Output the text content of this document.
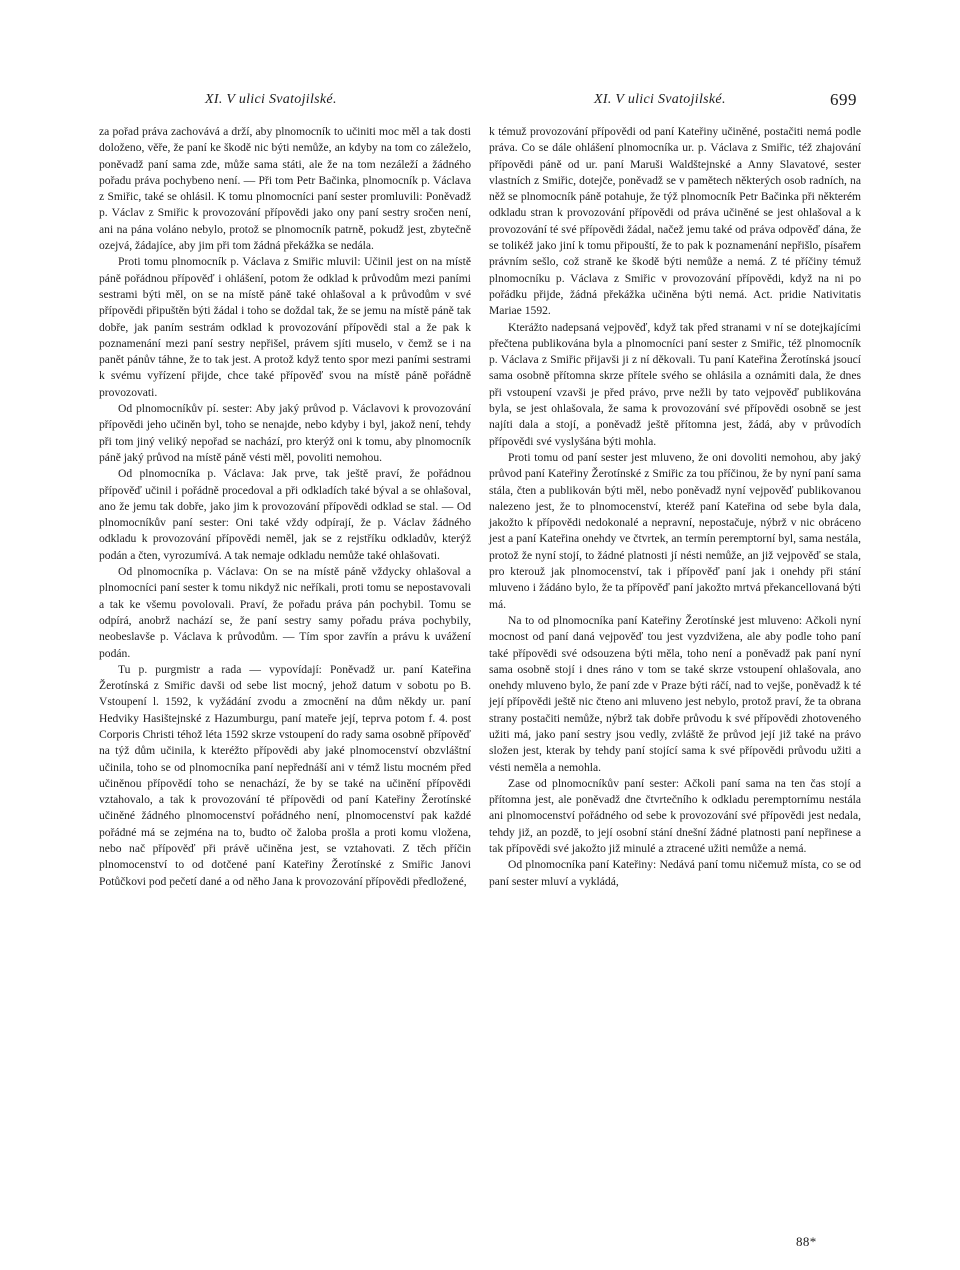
XI. V ulici Svatojilské.	XI. V ulici Svatojilské.	699

za pořad práva zachovává a drží, aby plnomocník to učiniti moc měl a tak dosti doloženo, věře, že paní ke škodě nic býti nemůže, an kdyby na tom co záleželo, poněvadž paní sama zde, může sama státi, ale že na tom nezáleží a žádného pořadu práva pochybeno není. — Při tom Petr Bačinka, plnomocník p. Václava z Smiřic, také se ohlásil. K tomu plnomocníci paní sester promluvili: Poněvadž p. Václav z Smiřic k provozování přípovědi jako ony paní sestry sročen není, ani na pána voláno nebylo, protož se plnomocník patrně, pokudž jest, zbytečně ozejvá, žádajíce, aby jim při tom žádná překážka se nedála.

Proti tomu plnomocník p. Václava z Smiřic mluvil: Učinil jest on na místě páně pořádnou přípověď i ohlášení, potom že odklad k průvodům mezi paními sestrami býti měl, on se na místě páně také ohlašoval a k průvodům v své přípovědi připuštěn býti žádal i toho se doždal tak, že se jemu na místě páně tak dobře, jak paním sestrám odklad k provozování přípovědi stal a že pak k poznamenání mezi paní sestry nepřišel, právem sjíti muselo, v čemž se i na panět pánův táhne, že to tak jest. A protož když tento spor mezi paními sestrami k svému vyřízení přijde, chce také přípověď svou na místě páně pořádně provozovati.

Od plnomocníkův pí. sester: Aby jaký průvod p. Václavovi k provozování přípovědi jeho učiněn byl, toho se nenajde, nebo kdyby i byl, jakož není, tehdy při tom jiný veliký nepořad se nachází, pro kterýž oni k tomu, aby plnomocník páně jaký průvod na místě páně vésti měl, povoliti nemohou.

Od plnomocníka p. Václava: Jak prve, tak ještě praví, že pořádnou přípověď učinil i pořádně procedoval a při odkladích také býval a se ohlašoval, ano že jemu tak dobře, jako jim k provozování přípovědi odklad se stal. — Od plnomocníkův paní sester: Oni také vždy odpírají, že p. Václav žádného odkladu k provozování přípovědi neměl, jak se z rejstříku odkladův, kterýž podán a čten, vyrozumívá. A tak nemaje odkladu nemůže také ohlašovati.

Od plnomocníka p. Václava: On se na místě páně vždycky ohlašoval a plnomocníci paní sester k tomu nikdyž nic neříkali, proti tomu se nepostavovali a tak ke všemu povolovali. Praví, že pořadu práva pán pochybil. Tomu se odpírá, anobrž nachází se, že paní sestry samy pořadu práva pochybily, neobeslavše p. Václava k průvodům. — Tím spor zavřín a právu k uvážení podán.

Tu p. purgmistr a rada — vypovídají: Poněvadž ur. paní Kateřina Žerotínská z Smiřic davši od sebe list mocný, jehož datum v sobotu po B. Vstoupení l. 1592, k vyžádání zvodu a zmocnění na dům někdy ur. paní Hedviky Hasištejnské z Hazumburgu, paní mateře její, teprva potom f. 4. post Corporis Christi téhož léta 1592 skrze vstoupení do rady sama osobně přípověď na týž dům učinila, k kteréžto přípovědi aby jaké plnomocenství obzvláštní učinila, toho se od plnomocníka paní nepřednáší ani v témž listu mocném před učiněnou přípovědí toho se nenachází, že by se také na učinění přípovědi vztahovalo, a tak k provozování té přípovědi od paní Kateřiny Žerotínské učiněné žádného plnomocenství pořádného není, plnomocenství pak každé pořádné má se zejména na to, budto oč žaloba prošla a proti komu vložena, nebo nač přípověď při právě učiněna jest, se vztahovati. Z těch příčin plnomocenství to od dotčené paní Kateřiny Žerotínské z Smiřic Janovi Potůčkovi pod pečetí dané a od něho Jana k provozování přípovědi předložené,

k témuž provozování přípovědi od paní Kateřiny učiněné, postačiti nemá podle práva. Co se dále ohlášení plnomocníka ur. p. Václava z Smiřic, též zhajování přípovědi páně od ur. paní Maruši Waldštejnské a Anny Slavatové, sester vlastních z Smiřic, dotejče, poněvadž se v pamětech některých osob radních, na něž se plnomocník páně potahuje, že týž plnomocník Petr Bačinka při některém odkladu stran k provozování přípovědi od práva učiněné se jest ohlašoval a k provozování té své přípovědi žádal, načež jemu také od práva odpověď dána, že se tolikéž jako jiní k tomu připouští, že to pak k poznamenání nepřišlo, písařem právním sešlo, což straně ke škodě býti nemůže a nemá. Z té příčiny témuž plnomocníku p. Václava z Smiřic v provozování přípovědi, když na ni po pořádku přijde, žádná překážka učiněna býti nemá. Act. pridie Nativitatis Mariae 1592.

Kterážto nadepsaná vejpověď, když tak před stranami v ní se dotejkajícími přečtena publikována byla a plnomocníci paní sester z Smiřic, též plnomocník p. Václava z Smiřic přijavši ji z ní děkovali. Tu paní Kateřina Žerotínská jsoucí sama osobně přítomna skrze přítele svého se ohlásila a oznámiti dala, že dnes při vstoupení vzavši je před právo, prve nežli by tato vejpověď publikována byla, se jest ohlašovala, že sama k provozování své přípovědi osobně se jest najíti dala a stojí, a poněvadž ještě přítomna jest, žádá, aby v průvodích přípovědi své vyslyšána býti mohla.

Proti tomu od paní sester jest mluveno, že oni dovoliti nemohou, aby jaký průvod paní Kateřiny Žerotínské z Smiřic za tou příčinou, že by nyní paní sama stála, čten a publikován býti měl, nebo poněvadž nyní vejpověď publikovanou nalezeno jest, že to plnomocenství, kteréž paní Kateřina od sebe byla dala, jakožto k přípovědi nedokonalé a nepravní, nepostačuje, nýbrž v nic obráceno jest a paní Kateřina onehdy ve čtvrtek, an termín peremptorní byl, sama nestála, protož že nyní stojí, to žádné platnosti jí nésti nemůže, an již vejpověď se stala, pro kterouž jak plnomocenství, tak i přípověď paní jak i onehdy při stání mluveno i žádáno bylo, že ta přípověď paní jakožto mrtvá překancellovaná býti má.

Na to od plnomocníka paní Kateřiny Žerotínské jest mluveno: Ačkoli nyní mocnost od paní daná vejpověď tou jest vyzdvižena, ale aby podle toho paní také přípovědi své odsouzena býti měla, toho není a poněvadž pak paní nyní sama osobně stojí i dnes ráno v tom se také skrze vstoupení ohlašovala, ano onehdy mluveno bylo, že paní zde v Praze býti ráčí, nad to vejše, poněvadž k té její přípovědi ještě nic čteno ani mluveno jest nebylo, protož praví, že ta obrana strany postačiti nemůže, nýbrž tak dobře průvodu k své přípovědi zhotoveného užiti má, jako paní sestry jsou vedly, zvláště že průvod její již také na právo složen jest, kterak by tehdy paní stojící sama k své přípovědi průvodu užiti a vésti neměla a nemohla.

Zase od plnomocníkův paní sester: Ačkoli paní sama na ten čas stojí a přítomna jest, ale poněvadž dne čtvrtečního k odkladu peremptornímu nestála ani plnomocenství pořádného od sebe k provozování své přípovědi jest nedala, tehdy již, an pozdě, to její osobní stání dnešní žádné platnosti paní nepřinese a tak přípovědi své jakožto již minulé a ztracené užiti nemůže a nemá.

Od plnomocníka paní Kateřiny: Nedává paní tomu ničemuž místa, co se od paní sester mluví a vykládá,

88*
